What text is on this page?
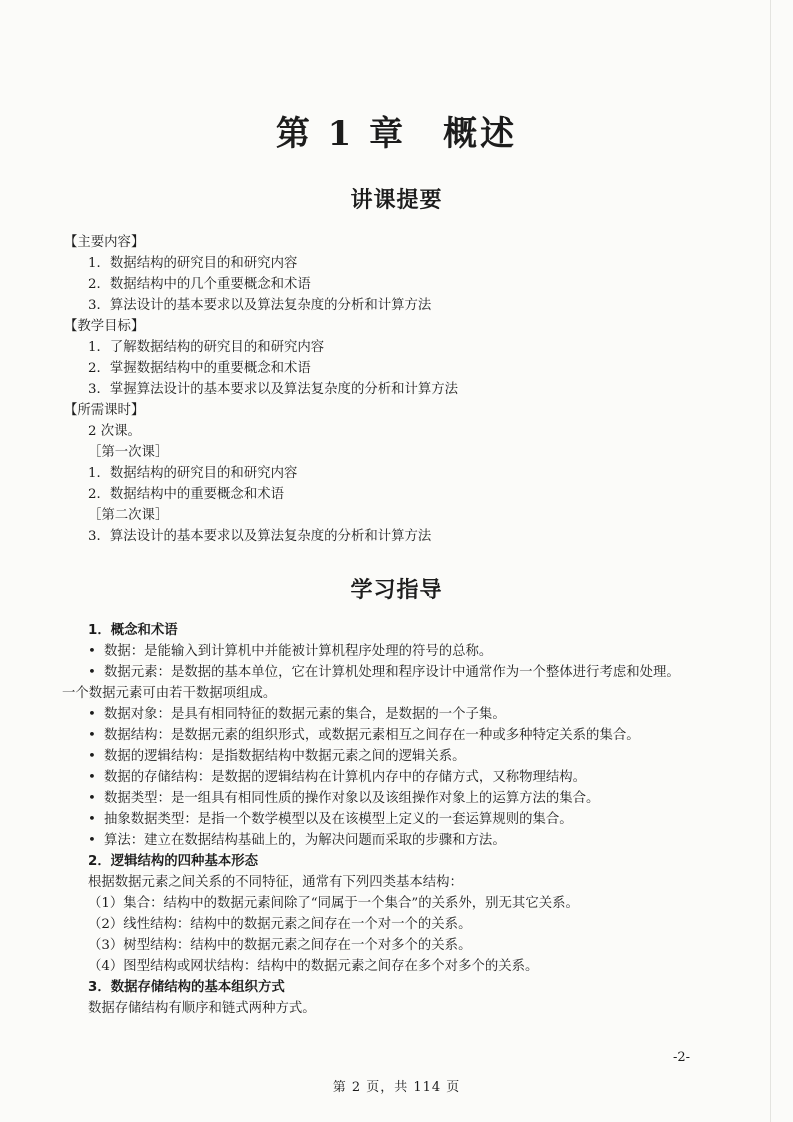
第 1 章　概述
讲课提要
【主要内容】
1．数据结构的研究目的和研究内容
2．数据结构中的几个重要概念和术语
3．算法设计的基本要求以及算法复杂度的分析和计算方法
【教学目标】
1．了解数据结构的研究目的和研究内容
2．掌握数据结构中的重要概念和术语
3．掌握算法设计的基本要求以及算法复杂度的分析和计算方法
【所需课时】
2 次课。
［第一次课］
1．数据结构的研究目的和研究内容
2．数据结构中的重要概念和术语
［第二次课］
3．算法设计的基本要求以及算法复杂度的分析和计算方法
学习指导
1．概念和术语
• 数据：是能输入到计算机中并能被计算机程序处理的符号的总称。
• 数据元素：是数据的基本单位，它在计算机处理和程序设计中通常作为一个整体进行考虑和处理。
一个数据元素可由若干数据项组成。
• 数据对象：是具有相同特征的数据元素的集合，是数据的一个子集。
• 数据结构：是数据元素的组织形式，或数据元素相互之间存在一种或多种特定关系的集合。
• 数据的逻辑结构：是指数据结构中数据元素之间的逻辑关系。
• 数据的存储结构：是数据的逻辑结构在计算机内存中的存储方式，又称物理结构。
• 数据类型：是一组具有相同性质的操作对象以及该组操作对象上的运算方法的集合。
• 抽象数据类型：是指一个数学模型以及在该模型上定义的一套运算规则的集合。
• 算法：建立在数据结构基础上的，为解决问题而采取的步骤和方法。
2．逻辑结构的四种基本形态
根据数据元素之间关系的不同特征，通常有下列四类基本结构：
（1）集合：结构中的数据元素间除了“同属于一个集合”的关系外，别无其它关系。
（2）线性结构：结构中的数据元素之间存在一个对一个的关系。
（3）树型结构：结构中的数据元素之间存在一个对多个的关系。
（4）图型结构或网状结构：结构中的数据元素之间存在多个对多个的关系。
3．数据存储结构的基本组织方式
数据存储结构有顺序和链式两种方式。
-2-
第 2 页，共 114 页
